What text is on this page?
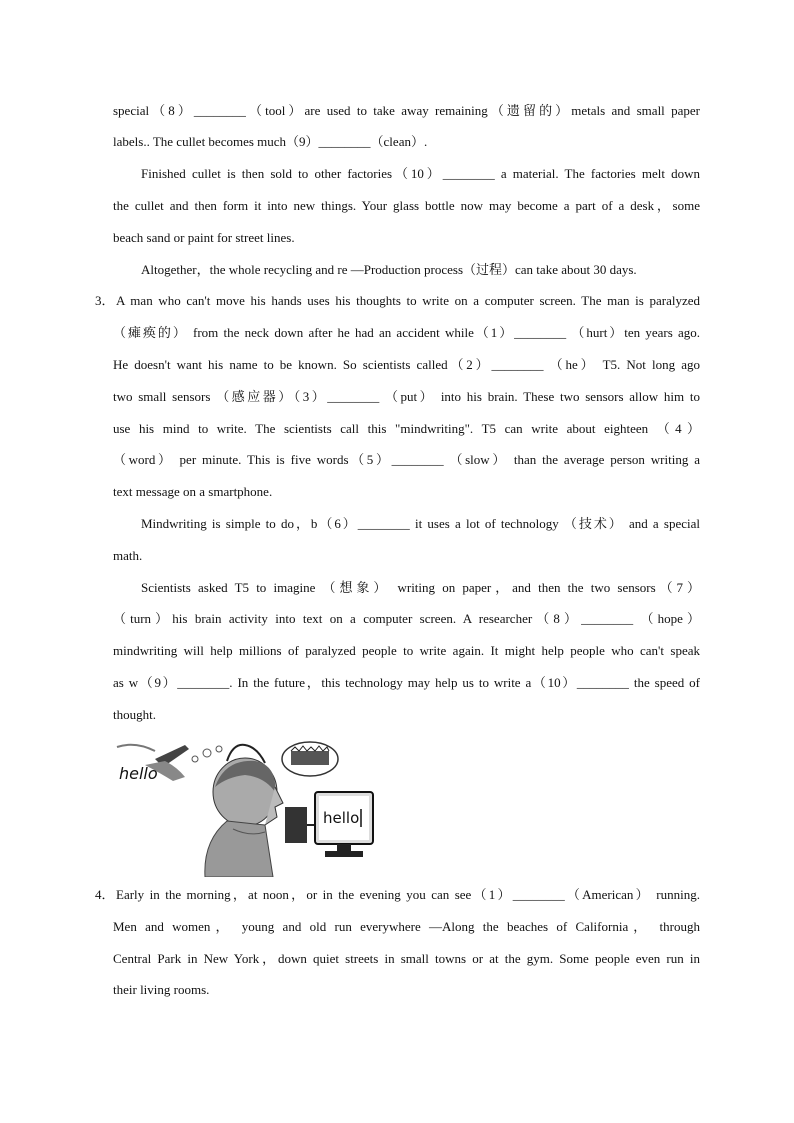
special（8）________（tool）are used to take away remaining（遗留的）metals and small paper
labels.. The cullet becomes much（9）________（clean）.
Finished cullet is then sold to other factories（10）________ a material. The factories melt down
the cullet and then form it into new things. Your glass bottle now may become a part of a desk，some
beach sand or paint for street lines.
Altogether，the whole recycling and re —Production process（过程）can take about 30 days.
3． A man who can't move his hands uses his thoughts to write on a computer screen. The man is paralyzed
（瘫痪的） from the neck down after he had an accident while（1）________ （hurt）ten years ago.
He doesn't want his name to be known. So scientists called（2）________ （he） T5. Not long ago
two small sensors （感应器）（3）________ （put） into his brain. These two sensors allow him to
use his mind to write. The scientists call this "mindwriting". T5 can write about eighteen （4）
（word） per minute. This is five words（5）________ （slow） than the average person writing a
text message on a smartphone.
Mindwriting is simple to do，b（6）________ it uses a lot of technology （技术） and a special
math.
Scientists asked T5 to imagine （想象） writing on paper，and then the two sensors（7）
（turn）his brain activity into text on a computer screen. A researcher（8）________ （hope）
mindwriting will help millions of paralyzed people to write again. It might help people who can't speak
as w（9）________. In the future，this technology may help us to write a（10）________ the speed of
thought.
hello
hello
4． Early in the morning，at noon，or in the evening you can see（1）________（American） running.
Men and women， young and old run everywhere —Along the beaches of California， through
Central Park in New York，down quiet streets in small towns or at the gym. Some people even run in
their living rooms.
